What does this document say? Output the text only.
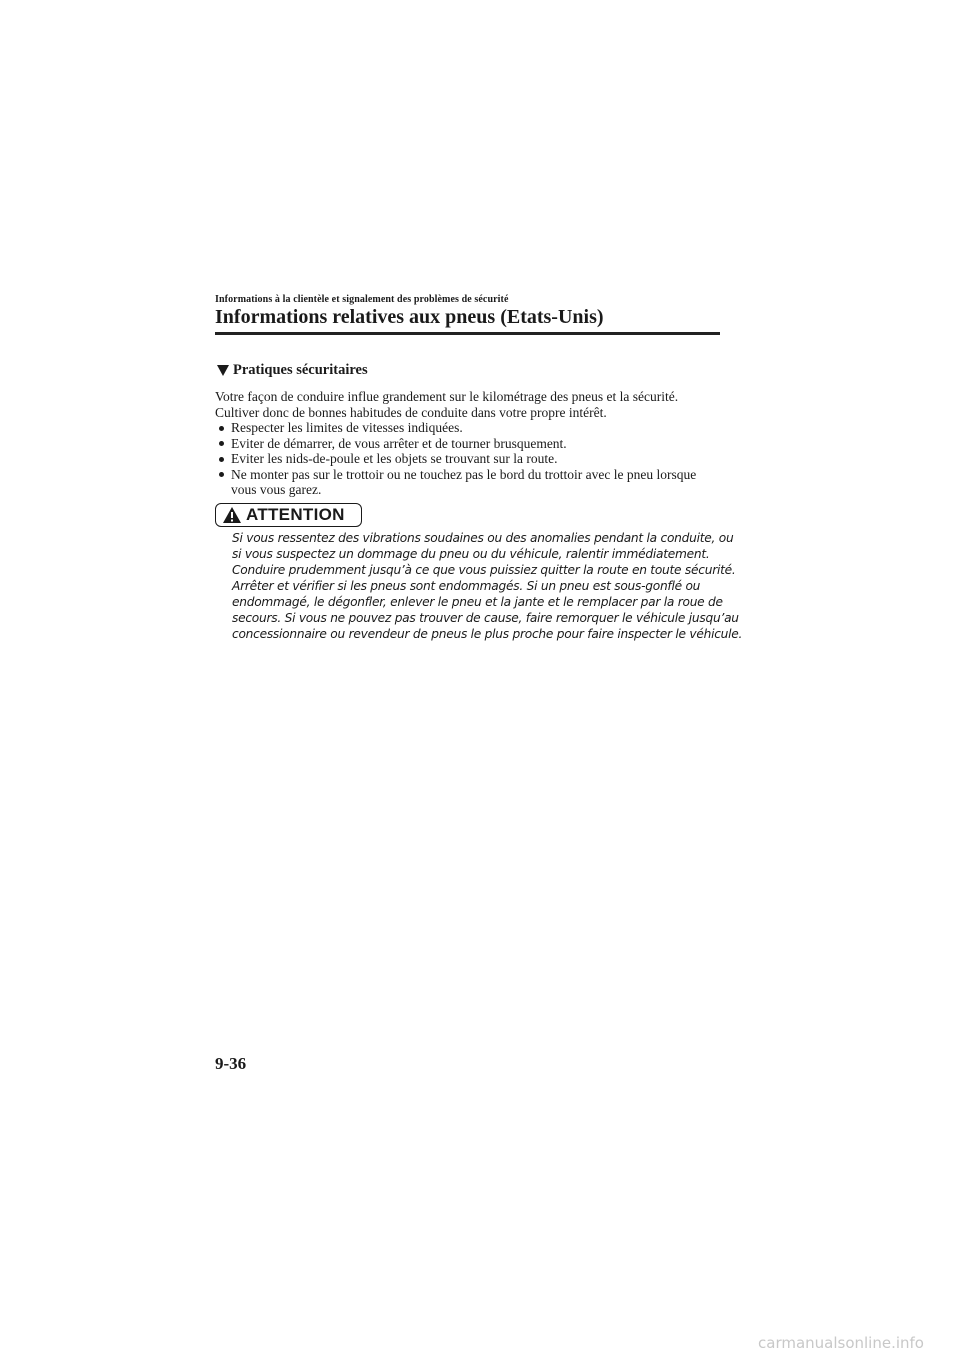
Informations à la clientèle et signalement des problèmes de sécurité
Informations relatives aux pneus (Etats-Unis)
Pratiques sécuritaires

Votre façon de conduire influe grandement sur le kilométrage des pneus et la sécurité.

Cultiver donc de bonnes habitudes de conduite dans votre propre intérêt.

Respecter les limites de vitesses indiquées.
Eviter de démarrer, de vous arrêter et de tourner brusquement.
Eviter les nids-de-poule et les objets se trouvant sur la route.
Ne monter pas sur le trottoir ou ne touchez pas le bord du trottoir avec le pneu lorsque vous vous garez.
ATTENTION
Si vous ressentez des vibrations soudaines ou des anomalies pendant la conduite, ou
si vous suspectez un dommage du pneu ou du véhicule, ralentir immédiatement.
Conduire prudemment jusqu’à ce que vous puissiez quitter la route en toute sécurité.
Arrêter et vérifier si les pneus sont endommagés. Si un pneu est sous-gonflé ou
endommagé, le dégonfler, enlever le pneu et la jante et le remplacer par la roue de
secours. Si vous ne pouvez pas trouver de cause, faire remorquer le véhicule jusqu’au
concessionnaire ou revendeur de pneus le plus proche pour faire inspecter le véhicule.
9-36
carmanualsonline.info
